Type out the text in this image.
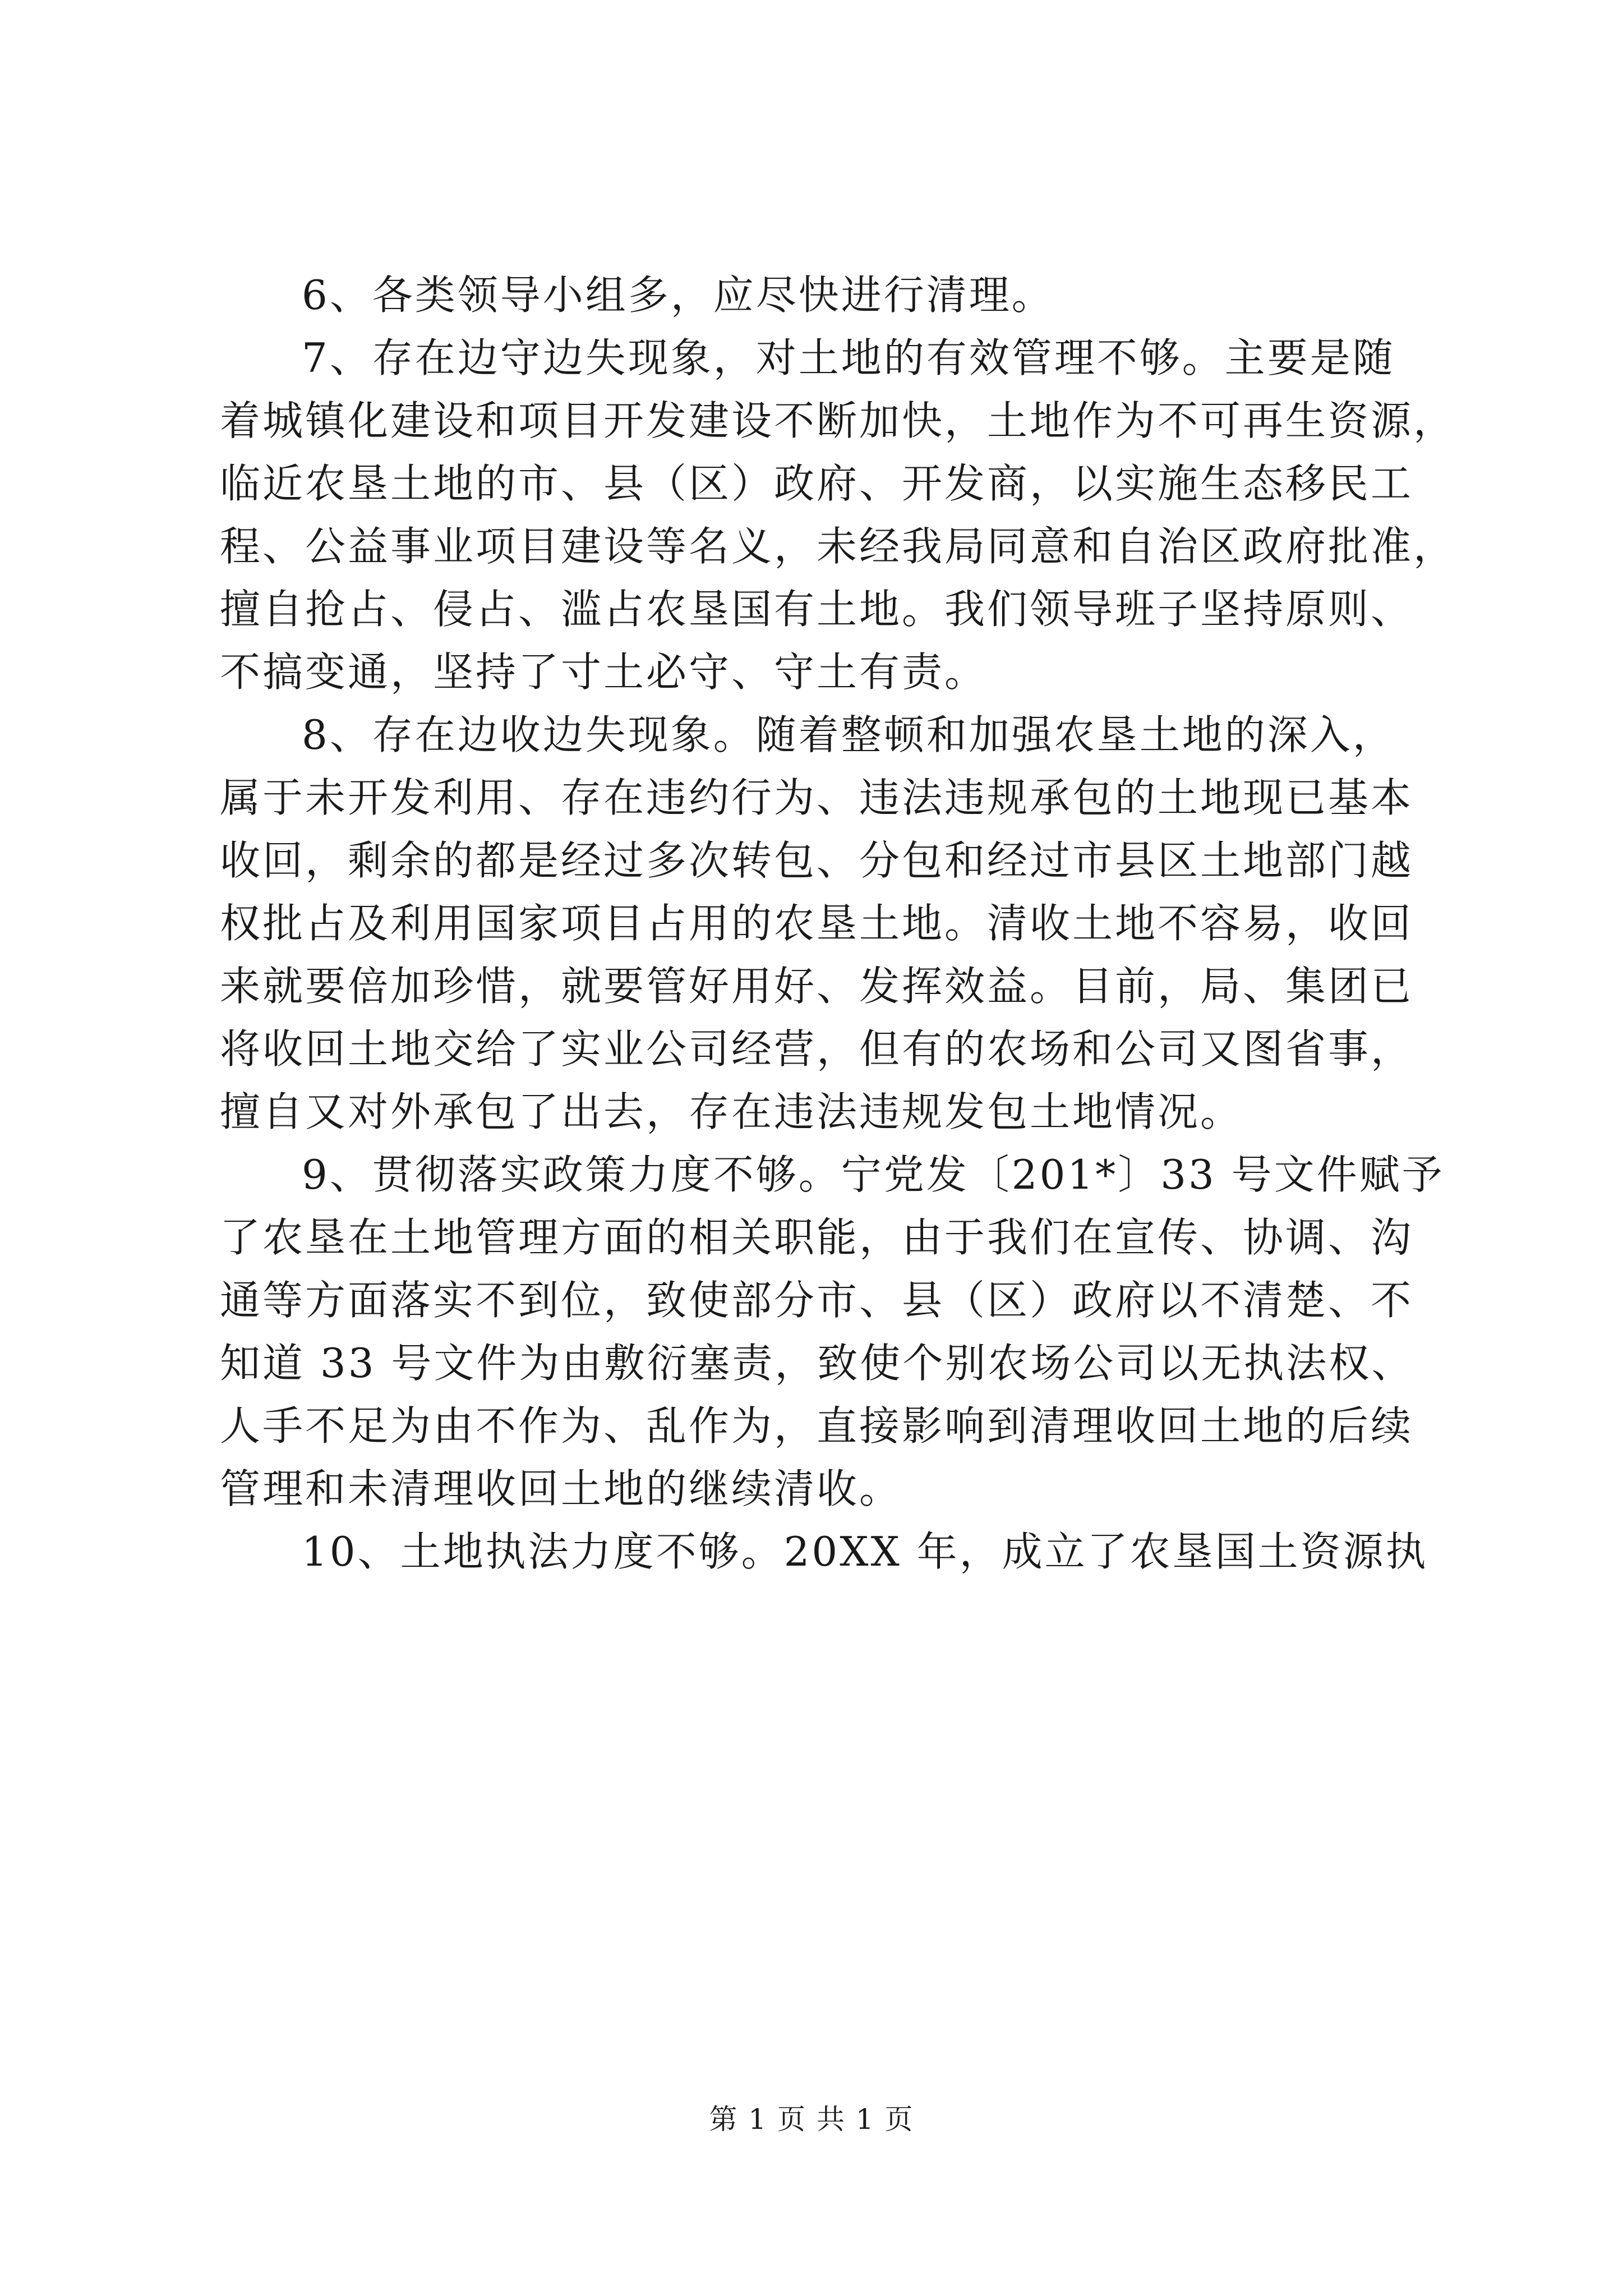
6、各类领导小组多，应尽快进行清理。

7、存在边守边失现象，对土地的有效管理不够。主要是随
着城镇化建设和项目开发建设不断加快，土地作为不可再生资源，
临近农垦土地的市、县（区）政府、开发商，以实施生态移民工
程、公益事业项目建设等名义，未经我局同意和自治区政府批准，
擅自抢占、侵占、滥占农垦国有土地。我们领导班子坚持原则、
不搞变通，坚持了寸土必守、守土有责。

8、存在边收边失现象。随着整顿和加强农垦土地的深入，
属于未开发利用、存在违约行为、违法违规承包的土地现已基本
收回，剩余的都是经过多次转包、分包和经过市县区土地部门越
权批占及利用国家项目占用的农垦土地。清收土地不容易，收回
来就要倍加珍惜，就要管好用好、发挥效益。目前，局、集团已
将收回土地交给了实业公司经营，但有的农场和公司又图省事，
擅自又对外承包了出去，存在违法违规发包土地情况。

9、贯彻落实政策力度不够。宁党发〔201*〕33 号文件赋予
了农垦在土地管理方面的相关职能，由于我们在宣传、协调、沟
通等方面落实不到位，致使部分市、县（区）政府以不清楚、不
知道 33 号文件为由敷衍塞责，致使个别农场公司以无执法权、
人手不足为由不作为、乱作为，直接影响到清理收回土地的后续
管理和未清理收回土地的继续清收。

10、土地执法力度不够。20XX 年，成立了农垦国土资源执

第 1 页 共 1 页
